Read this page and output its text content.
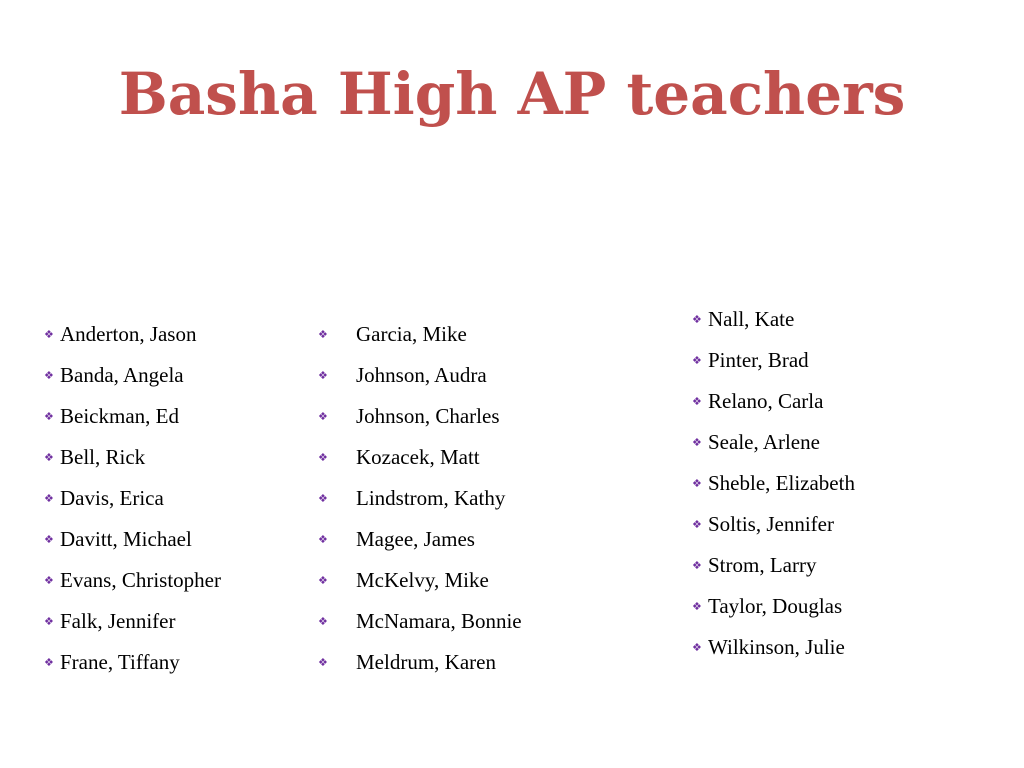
Basha High AP teachers
❖ Anderton, Jason
❖ Banda, Angela
❖ Beickman, Ed
❖ Bell, Rick
❖ Davis, Erica
❖ Davitt, Michael
❖ Evans, Christopher
❖ Falk, Jennifer
❖ Frane, Tiffany
❖ Garcia, Mike
❖ Johnson, Audra
❖ Johnson, Charles
❖ Kozacek, Matt
❖ Lindstrom, Kathy
❖ Magee, James
❖ McKelvy, Mike
❖ McNamara, Bonnie
❖ Meldrum, Karen
❖ Nall, Kate
❖ Pinter, Brad
❖ Relano, Carla
❖ Seale, Arlene
❖ Sheble, Elizabeth
❖ Soltis, Jennifer
❖ Strom, Larry
❖ Taylor, Douglas
❖ Wilkinson, Julie
